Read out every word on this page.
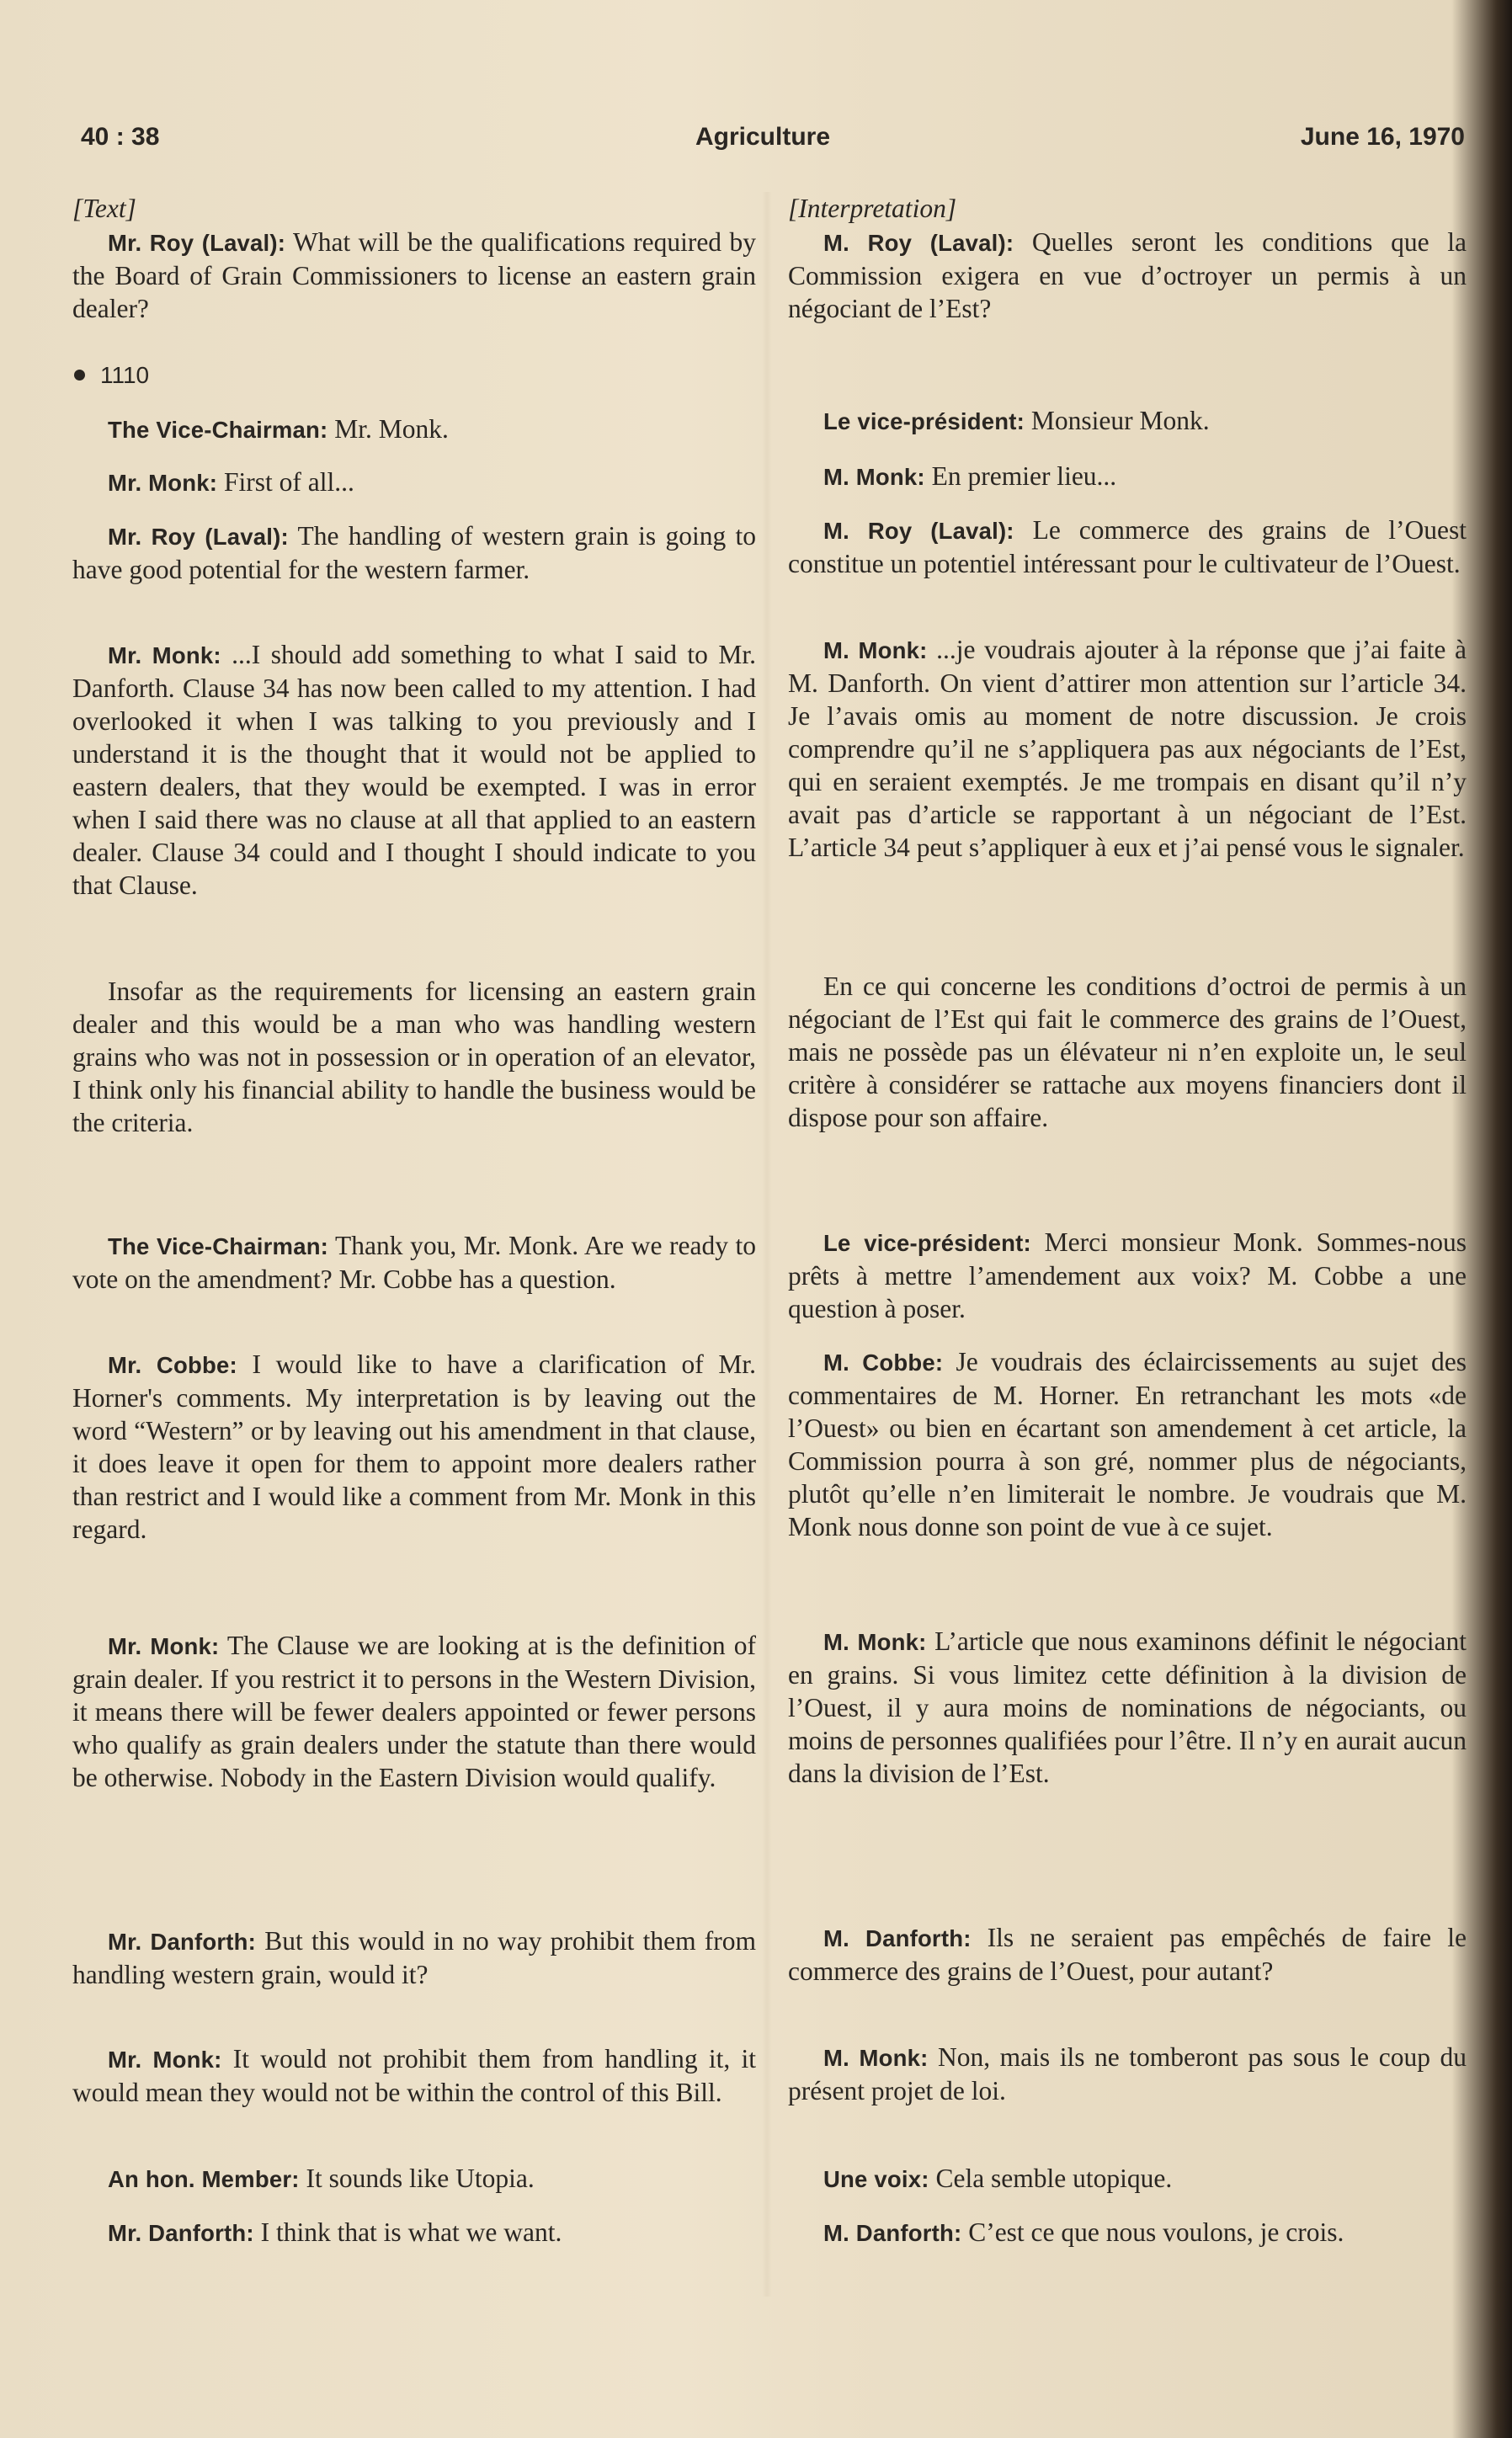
40 : 38	Agriculture	June 16, 1970

[Text]

Mr. Roy (Laval): What will be the qualifications required by the Board of Grain Commissioners to license an eastern grain dealer?

1110

The Vice-Chairman: Mr. Monk.

Mr. Monk: First of all...

Mr. Roy (Laval): The handling of western grain is going to have good potential for the western farmer.

Mr. Monk: ...I should add something to what I said to Mr. Danforth. Clause 34 has now been called to my attention. I had overlooked it when I was talking to you previously and I understand it is the thought that it would not be applied to eastern dealers, that they would be exempted. I was in error when I said there was no clause at all that applied to an eastern dealer. Clause 34 could and I thought I should indicate to you that Clause.

Insofar as the requirements for licensing an eastern grain dealer and this would be a man who was handling western grains who was not in possession or in operation of an elevator, I think only his financial ability to handle the business would be the criteria.

The Vice-Chairman: Thank you, Mr. Monk. Are we ready to vote on the amendment? Mr. Cobbe has a question.

Mr. Cobbe: I would like to have a clarification of Mr. Horner's comments. My interpretation is by leaving out the word “Western” or by leaving out his amendment in that clause, it does leave it open for them to appoint more dealers rather than restrict and I would like a comment from Mr. Monk in this regard.

Mr. Monk: The Clause we are looking at is the definition of grain dealer. If you restrict it to persons in the Western Division, it means there will be fewer dealers appointed or fewer persons who qualify as grain dealers under the statute than there would be otherwise. Nobody in the Eastern Division would qualify.

Mr. Danforth: But this would in no way prohibit them from handling western grain, would it?

Mr. Monk: It would not prohibit them from handling it, it would mean they would not be within the control of this Bill.

An hon. Member: It sounds like Utopia.

Mr. Danforth: I think that is what we want.

[Interpretation]

M. Roy (Laval): Quelles seront les conditions que la Commission exigera en vue d’octroyer un permis à un négociant de l’Est?

Le vice-président: Monsieur Monk.

M. Monk: En premier lieu...

M. Roy (Laval): Le commerce des grains de l’Ouest constitue un potentiel intéressant pour le cultivateur de l’Ouest.

M. Monk: ...je voudrais ajouter à la réponse que j’ai faite à M. Danforth. On vient d’attirer mon attention sur l’article 34. Je l’avais omis au moment de notre discussion. Je crois comprendre qu’il ne s’appliquera pas aux négociants de l’Est, qui en seraient exemptés. Je me trompais en disant qu’il n’y avait pas d’article se rapportant à un négociant de l’Est. L’article 34 peut s’appliquer à eux et j’ai pensé vous le signaler.

En ce qui concerne les conditions d’octroi de permis à un négociant de l’Est qui fait le commerce des grains de l’Ouest, mais ne possède pas un élévateur ni n’en exploite un, le seul critère à considérer se rattache aux moyens financiers dont il dispose pour son affaire.

Le vice-président: Merci monsieur Monk. Sommes-nous prêts à mettre l’amendement aux voix? M. Cobbe a une question à poser.

M. Cobbe: Je voudrais des éclaircissements au sujet des commentaires de M. Horner. En retranchant les mots «de l’Ouest» ou bien en écartant son amendement à cet article, la Commission pourra à son gré, nommer plus de négociants, plutôt qu’elle n’en limiterait le nombre. Je voudrais que M. Monk nous donne son point de vue à ce sujet.

M. Monk: L’article que nous examinons définit le négociant en grains. Si vous limitez cette définition à la division de l’Ouest, il y aura moins de nominations de négociants, ou moins de personnes qualifiées pour l’être. Il n’y en aurait aucun dans la division de l’Est.

M. Danforth: Ils ne seraient pas empêchés de faire le commerce des grains de l’Ouest, pour autant?

M. Monk: Non, mais ils ne tomberont pas sous le coup du présent projet de loi.

Une voix: Cela semble utopique.

M. Danforth: C’est ce que nous voulons, je crois.
